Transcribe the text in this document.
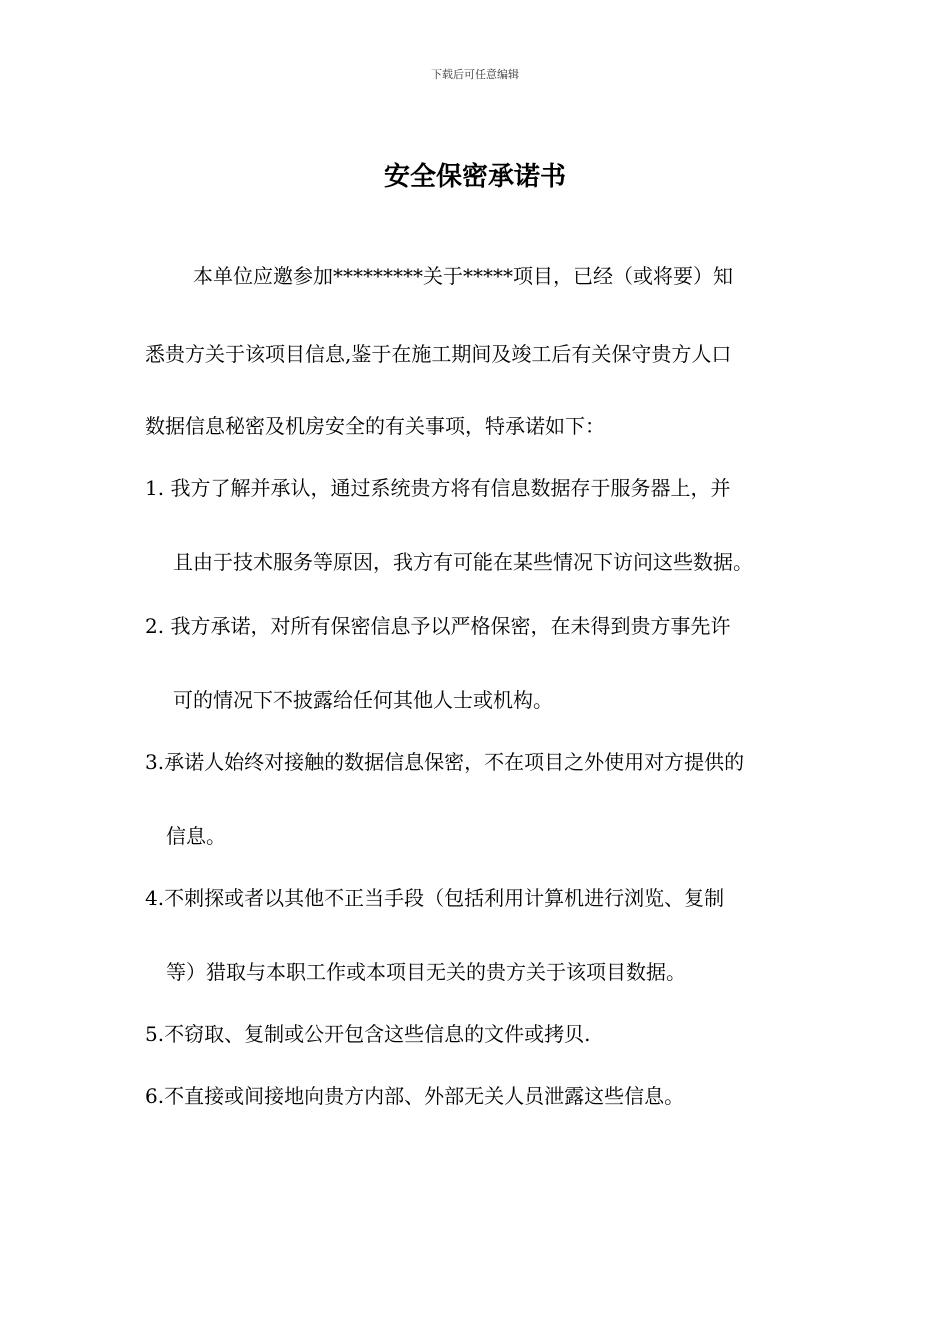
下载后可任意编辑
安全保密承诺书
本单位应邀参加*********关于*****项目，已经（或将要）知
悉贵方关于该项目信息,鉴于在施工期间及竣工后有关保守贵方人口
数据信息秘密及机房安全的有关事项，特承诺如下：
1. 我方了解并承认，通过系统贵方将有信息数据存于服务器上，并
且由于技术服务等原因，我方有可能在某些情况下访问这些数据。
2. 我方承诺，对所有保密信息予以严格保密，在未得到贵方事先许
可的情况下不披露给任何其他人士或机构。
3.承诺人始终对接触的数据信息保密，不在项目之外使用对方提供的
信息。
4.不刺探或者以其他不正当手段（包括利用计算机进行浏览、复制
等）猎取与本职工作或本项目无关的贵方关于该项目数据。
5.不窃取、复制或公开包含这些信息的文件或拷贝.
6.不直接或间接地向贵方内部、外部无关人员泄露这些信息。
